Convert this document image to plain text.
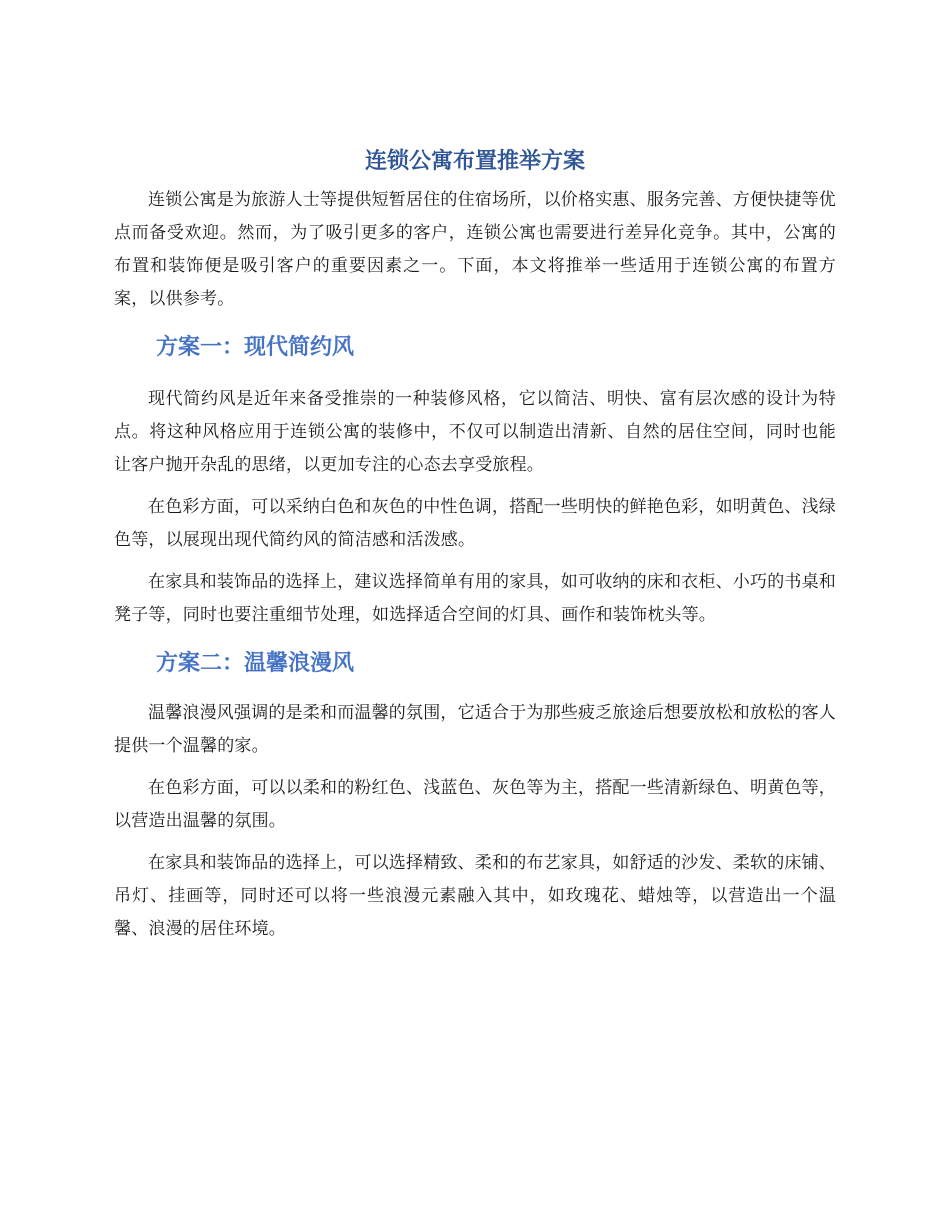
连锁公寓布置推举方案

连锁公寓是为旅游人士等提供短暂居住的住宿场所，以价格实惠、服务完善、方便快捷等优点而备受欢迎。然而，为了吸引更多的客户，连锁公寓也需要进行差异化竞争。其中，公寓的布置和装饰便是吸引客户的重要因素之一。下面，本文将推举一些适用于连锁公寓的布置方案，以供参考。

方案一：现代简约风

现代简约风是近年来备受推崇的一种装修风格，它以简洁、明快、富有层次感的设计为特点。将这种风格应用于连锁公寓的装修中，不仅可以制造出清新、自然的居住空间，同时也能让客户抛开杂乱的思绪，以更加专注的心态去享受旅程。

在色彩方面，可以采纳白色和灰色的中性色调，搭配一些明快的鲜艳色彩，如明黄色、浅绿色等，以展现出现代简约风的简洁感和活泼感。

在家具和装饰品的选择上，建议选择简单有用的家具，如可收纳的床和衣柜、小巧的书桌和凳子等，同时也要注重细节处理，如选择适合空间的灯具、画作和装饰枕头等。

方案二：温馨浪漫风

温馨浪漫风强调的是柔和而温馨的氛围，它适合于为那些疲乏旅途后想要放松和放松的客人提供一个温馨的家。

在色彩方面，可以以柔和的粉红色、浅蓝色、灰色等为主，搭配一些清新绿色、明黄色等，以营造出温馨的氛围。

在家具和装饰品的选择上，可以选择精致、柔和的布艺家具，如舒适的沙发、柔软的床铺、吊灯、挂画等，同时还可以将一些浪漫元素融入其中，如玫瑰花、蜡烛等，以营造出一个温馨、浪漫的居住环境。
